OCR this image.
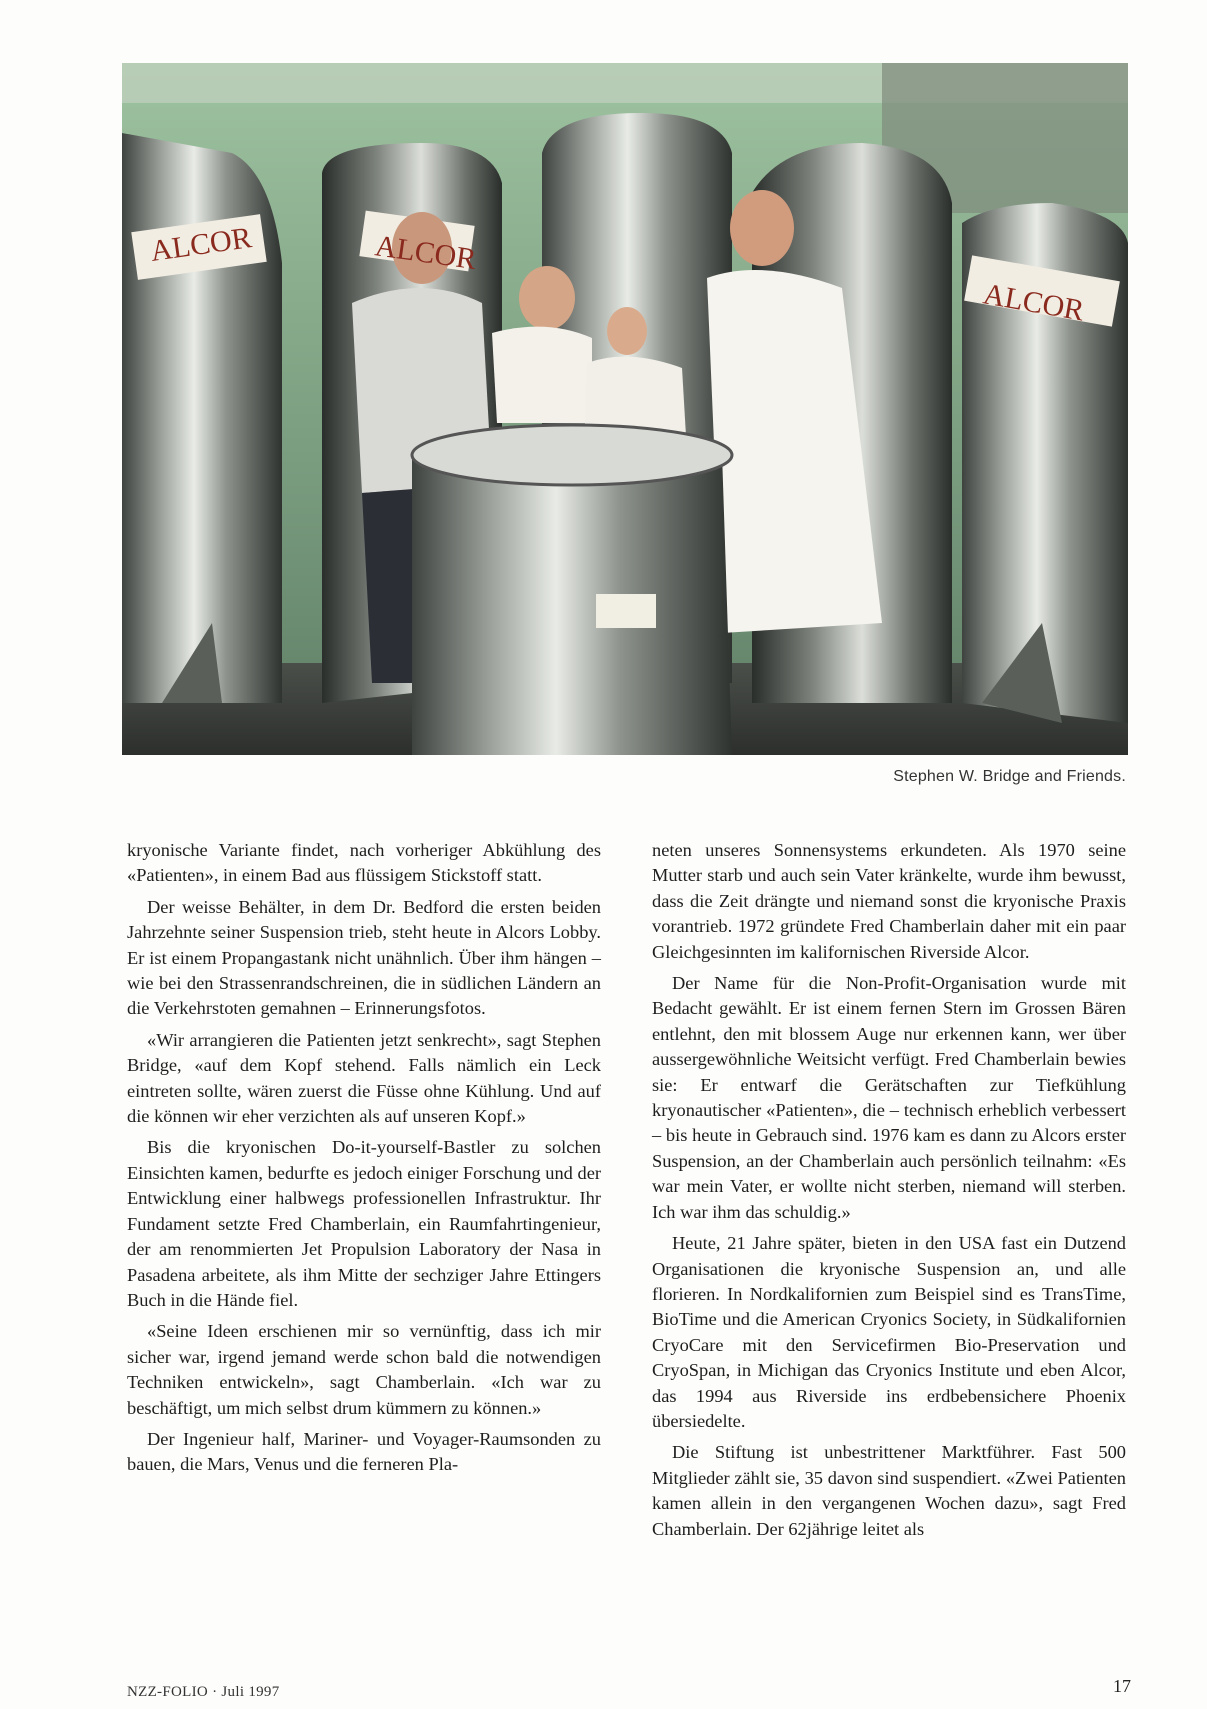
ALCOR	ALCOR
ALCOR
Stephen W. Bridge and Friends.

kryonische Variante findet, nach vorheriger Abkühlung des «Patienten», in einem Bad aus flüssigem Stickstoff statt.

Der weisse Behälter, in dem Dr. Bedford die ersten beiden Jahrzehnte seiner Suspension trieb, steht heute in Alcors Lobby. Er ist einem Propangastank nicht unähnlich. Über ihm hängen – wie bei den Strassenrandschreinen, die in südlichen Ländern an die Verkehrstoten gemahnen – Erinnerungsfotos.

«Wir arrangieren die Patienten jetzt senkrecht», sagt Stephen Bridge, «auf dem Kopf stehend. Falls nämlich ein Leck eintreten sollte, wären zuerst die Füsse ohne Kühlung. Und auf die können wir eher verzichten als auf unseren Kopf.»

Bis die kryonischen Do-it-yourself-Bastler zu solchen Einsichten kamen, bedurfte es jedoch einiger Forschung und der Entwicklung einer halbwegs professionellen Infrastruktur. Ihr Fundament setzte Fred Chamberlain, ein Raumfahrtingenieur, der am renommierten Jet Propulsion Laboratory der Nasa in Pasadena arbeitete, als ihm Mitte der sechziger Jahre Ettingers Buch in die Hände fiel.

«Seine Ideen erschienen mir so vernünftig, dass ich mir sicher war, irgend jemand werde schon bald die notwendigen Techniken entwickeln», sagt Chamberlain. «Ich war zu beschäftigt, um mich selbst drum kümmern zu können.»

Der Ingenieur half, Mariner- und Voyager-Raumsonden zu bauen, die Mars, Venus und die ferneren Pla-

neten unseres Sonnensystems erkundeten. Als 1970 seine Mutter starb und auch sein Vater kränkelte, wurde ihm bewusst, dass die Zeit drängte und niemand sonst die kryonische Praxis vorantrieb. 1972 gründete Fred Chamberlain daher mit ein paar Gleichgesinnten im kalifornischen Riverside Alcor.

Der Name für die Non-Profit-Organisation wurde mit Bedacht gewählt. Er ist einem fernen Stern im Grossen Bären entlehnt, den mit blossem Auge nur erkennen kann, wer über aussergewöhnliche Weitsicht verfügt. Fred Chamberlain bewies sie: Er entwarf die Gerätschaften zur Tiefkühlung kryonautischer «Patienten», die – technisch erheblich verbessert – bis heute in Gebrauch sind. 1976 kam es dann zu Alcors erster Suspension, an der Chamberlain auch persönlich teilnahm: «Es war mein Vater, er wollte nicht sterben, niemand will sterben. Ich war ihm das schuldig.»

Heute, 21 Jahre später, bieten in den USA fast ein Dutzend Organisationen die kryonische Suspension an, und alle florieren. In Nordkalifornien zum Beispiel sind es TransTime, BioTime und die American Cryonics Society, in Südkalifornien CryoCare mit den Servicefirmen Bio-Preservation und CryoSpan, in Michigan das Cryonics Institute und eben Alcor, das 1994 aus Riverside ins erdbebensichere Phoenix übersiedelte.

Die Stiftung ist unbestrittener Marktführer. Fast 500 Mitglieder zählt sie, 35 davon sind suspendiert. «Zwei Patienten kamen allein in den vergangenen Wochen dazu», sagt Fred Chamberlain. Der 62jährige leitet als

NZZ-FOLIO · Juli 1997	17
